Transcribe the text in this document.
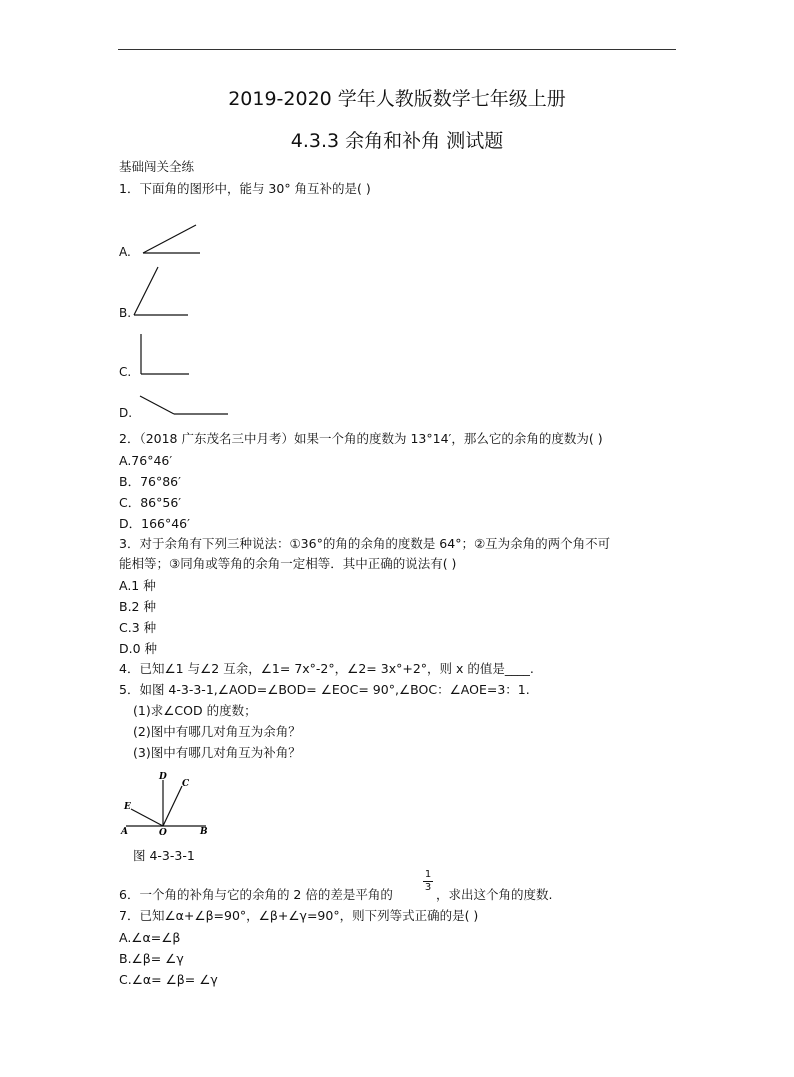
2019-2020 学年人教版数学七年级上册
4.3.3 余角和补角 测试题
基础闯关全练
1．下面角的图形中，能与 30° 角互补的是( )
A.
B.
C.
D.
2．（2018 广东茂名三中月考）如果一个角的度数为 13°14′，那么它的余角的度数为( )
A.76°46′
B．76°86′
C．86°56′
D．166°46′
3．对于余角有下列三种说法：①36°的角的余角的度数是 64°；②互为余角的两个角不可
能相等；③同角或等角的余角一定相等．其中正确的说法有( )
A.1 种
B.2 种
C.3 种
D.0 种
4．已知∠1 与∠2 互余，∠1= 7x°-2°，∠2= 3x°+2°，则 x 的值是____.
5．如图 4-3-3-1,∠AOD=∠BOD= ∠EOC= 90°,∠BOC：∠AOE=3：1.
(1)求∠COD 的度数；
(2)图中有哪几对角互为余角？
(3)图中有哪几对角互为补角？
A	O	B
D
C
E
图 4-3-3-1
6．一个角的补角与它的余角的 2 倍的差是平角的
1
3 ，求出这个角的度数.
7．已知∠α+∠β=90°，∠β+∠γ=90°，则下列等式正确的是( )
A.∠α=∠β
B.∠β= ∠γ
C.∠α= ∠β= ∠γ
